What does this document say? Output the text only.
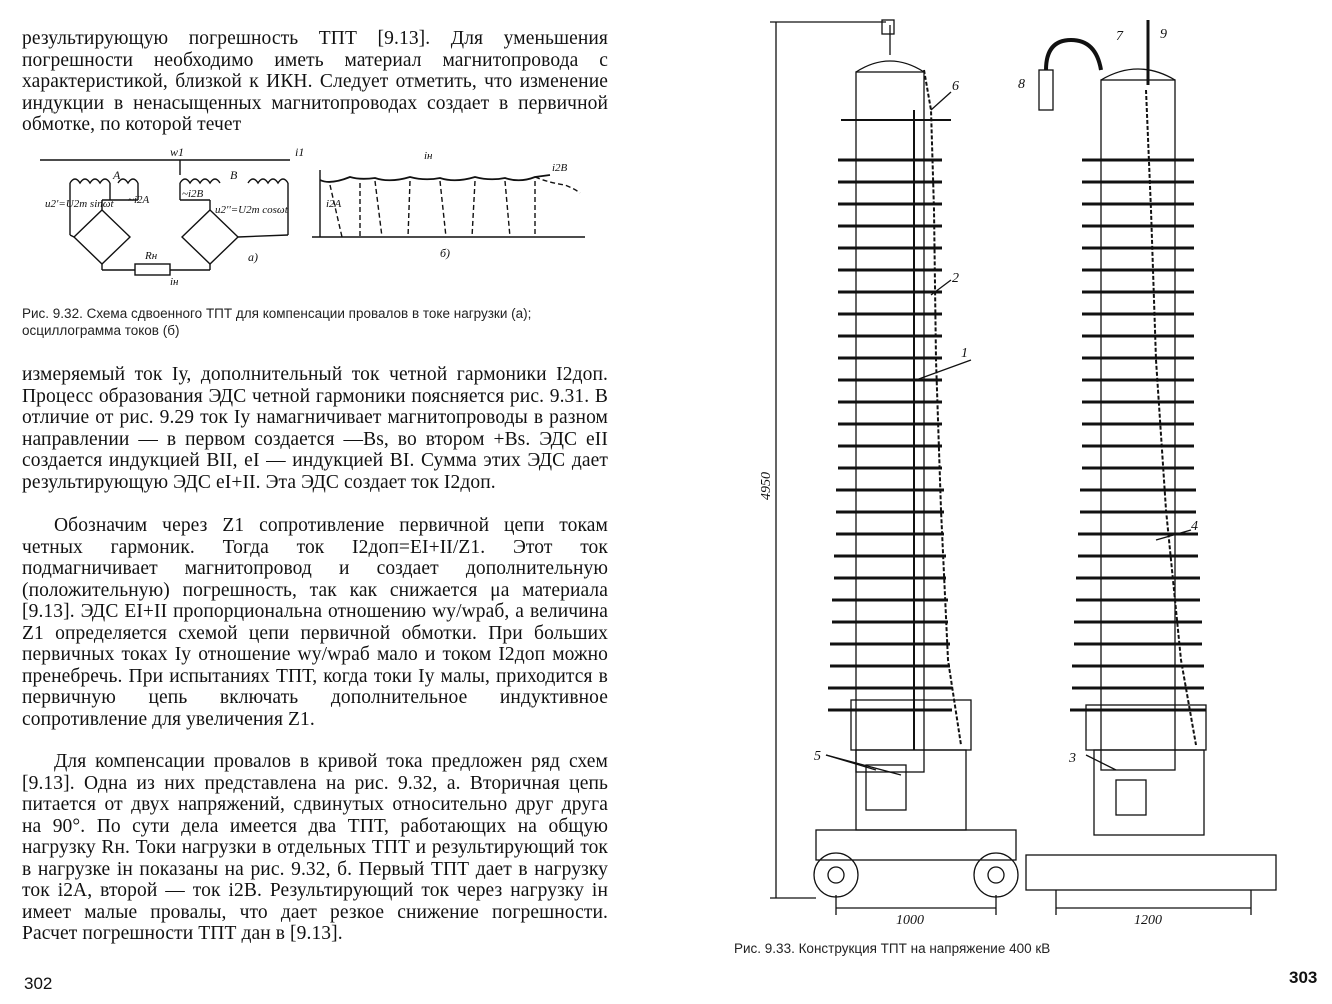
результирующую погрешность ТПТ [9.13]. Для уменьшения погрешности необходимо иметь материал магнитопровода с характеристикой, близкой к ИКН. Следует отметить, что изменение индукции в ненасыщенных магнитопроводах создает в первичной обмотке, по которой течет

w1	i1
A	B
u2'=U2m sinωt	u2''=U2m cosωt
~i2A	~i2B
Rн
iн
а)
iн
i2A
i2B
б)

Рис. 9.32. Схема сдвоенного ТПТ для компенсации провалов в токе нагрузки (а); осциллограмма токов (б)

измеряемый ток Iу, дополнительный ток четной гармоники I2доп. Процесс образования ЭДС четной гармоники поясняется рис. 9.31. В отличие от рис. 9.29 ток Iу намагничивает магнитопроводы в разном направлении — в первом создается —Bs, во втором +Bs. ЭДС eII создается индукцией BII, eI — индукцией BI. Сумма этих ЭДС дает результирующую ЭДС eI+II. Эта ЭДС создает ток I2доп.

Обозначим через Z1 сопротивление первичной цепи токам четных гармоник. Тогда ток I2доп=EI+II/Z1. Этот ток подмагничивает магнитопровод и создает дополнительную (положительную) погрешность, так как снижается μa материала [9.13]. ЭДС EI+II пропорциональна отношению wу/wраб, а величина Z1 определяется схемой цепи первичной обмотки. При больших первичных токах Iу отношение wу/wраб мало и током I2доп можно пренебречь. При испытаниях ТПТ, когда токи Iу малы, приходится в первичную цепь включать дополнительное индуктивное сопротивление для увеличения Z1.

Для компенсации провалов в кривой тока предложен ряд схем [9.13]. Одна из них представлена на рис. 9.32, а. Вторичная цепь питается от двух напряжений, сдвинутых относительно друг друга на 90°. По сути дела имеется два ТПТ, работающих на общую нагрузку Rн. Токи нагрузки в отдельных ТПТ и результирующий ток в нагрузке iн показаны на рис. 9.32, б. Первый ТПТ дает в нагрузку ток i2A, второй — ток i2B. Результирующий ток через нагрузку iн имеет малые провалы, что дает резкое снижение погрешности. Расчет погрешности ТПТ дан в [9.13].

302
1
2
3
4
5
6
7
8
9
4950
1000	1200

Рис. 9.33. Конструкция ТПТ на напряжение 400 кВ

303
